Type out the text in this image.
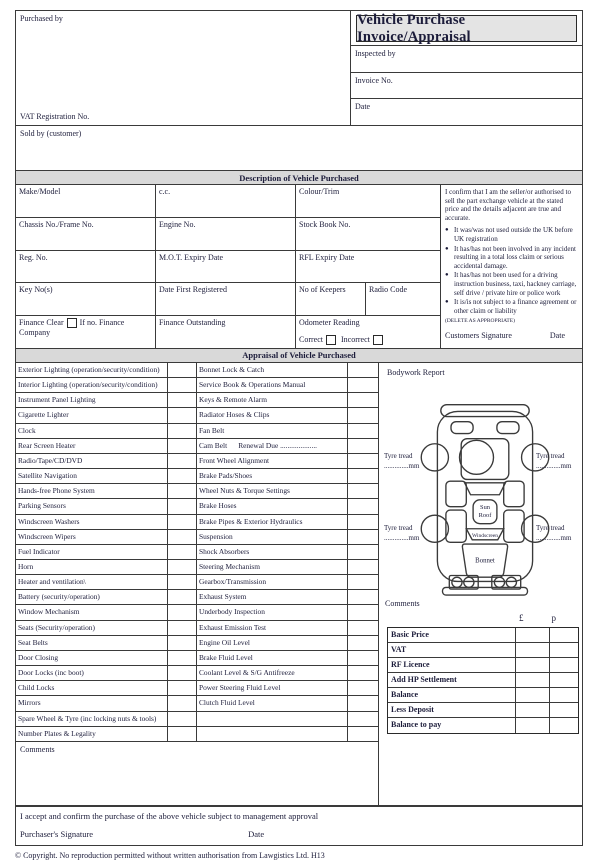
Purchased by
VAT Registration No.
Vehicle Purchase Invoice/Appraisal
Inspected by
Invoice No.
Date
Sold by (customer)
Description of Vehicle Purchased
Make/Model	c.c.	Colour/Trim	I confirm that I am the seller/or authorised to sell the part exchange vehicle at the stated price and the details adjacent are true and accurate.
● It was/was not used outside the UK before UK registration
● It has/has not been involved in any incident resulting in a total loss claim or serious accidental damage.
● It has/has not been used for a driving instruction business, taxi, hackney carriage, self drive / private hire or police work
● It is/is not subject to a finance agreement or other claim or liability
(DELETE AS APPROPRIATE)
Customers Signature	Date
Chassis No./Frame No.	Engine No.	Stock Book No.
Reg. No.	M.O.T. Expiry Date	RFL Expiry Date
Key No(s)	Date First Registered	No of Keepers	Radio Code
Finance Clear If no. Finance Company
Finance Outstanding	Odometer Reading
Correct Incorrect
Appraisal of Vehicle Purchased
Exterior Lighting (operation/security/condition)	Bonnet Lock & Catch
Interior Lighting (operation/security/condition)	Service Book & Operations Manual
Instrument Panel Lighting	Keys & Remote Alarm
Cigarette Lighter	Radiator Hoses & Clips
Clock	Fan Belt
Rear Screen Heater	Cam Belt      Renewal Due ....................
Radio/Tape/CD/DVD	Front Wheel Alignment
Satellite Navigation	Brake Pads/Shoes
Hands-free Phone System	Wheel Nuts & Torque Settings
Parking Sensors	Brake Hoses
Windscreen Washers	Brake Pipes & Exterior Hydraulics
Windscreen Wipers	Suspension
Fuel Indicator	Shock Absorbers
Horn	Steering Mechanism
Heater and ventilation\	Gearbox/Transmission
Battery (security/operation)	Exhaust System
Window Mechanism	Underbody Inspection
Seats (Security/operation)	Exhaust Emission Test
Seat Belts	Engine Oil Level
Door Closing	Brake Fluid Level
Door Locks (inc boot)	Coolant Level & S/G Antifreeze
Child Locks	Power Steering Fluid Level
Mirrors	Clutch Fluid Level
Spare Wheel & Tyre (inc locking nuts & tools)
Number Plates & Legality
Comments
Bodywork Report
Sun
Roof
Windscreen
Bonnet
Tyre tread
..............mm
Tyre tread
..............mm
Tyre tread
..............mm
Tyre tread
..............mm
Comments
£	p
Basic Price
VAT
RF Licence
Add HP Settlement
Balance
Less Deposit
Balance to pay
I accept and confirm the purchase of the above vehicle subject to management approval
Purchaser's Signature	Date
© Copyright. No reproduction permitted without written authorisation from Lawgistics Ltd. H13
